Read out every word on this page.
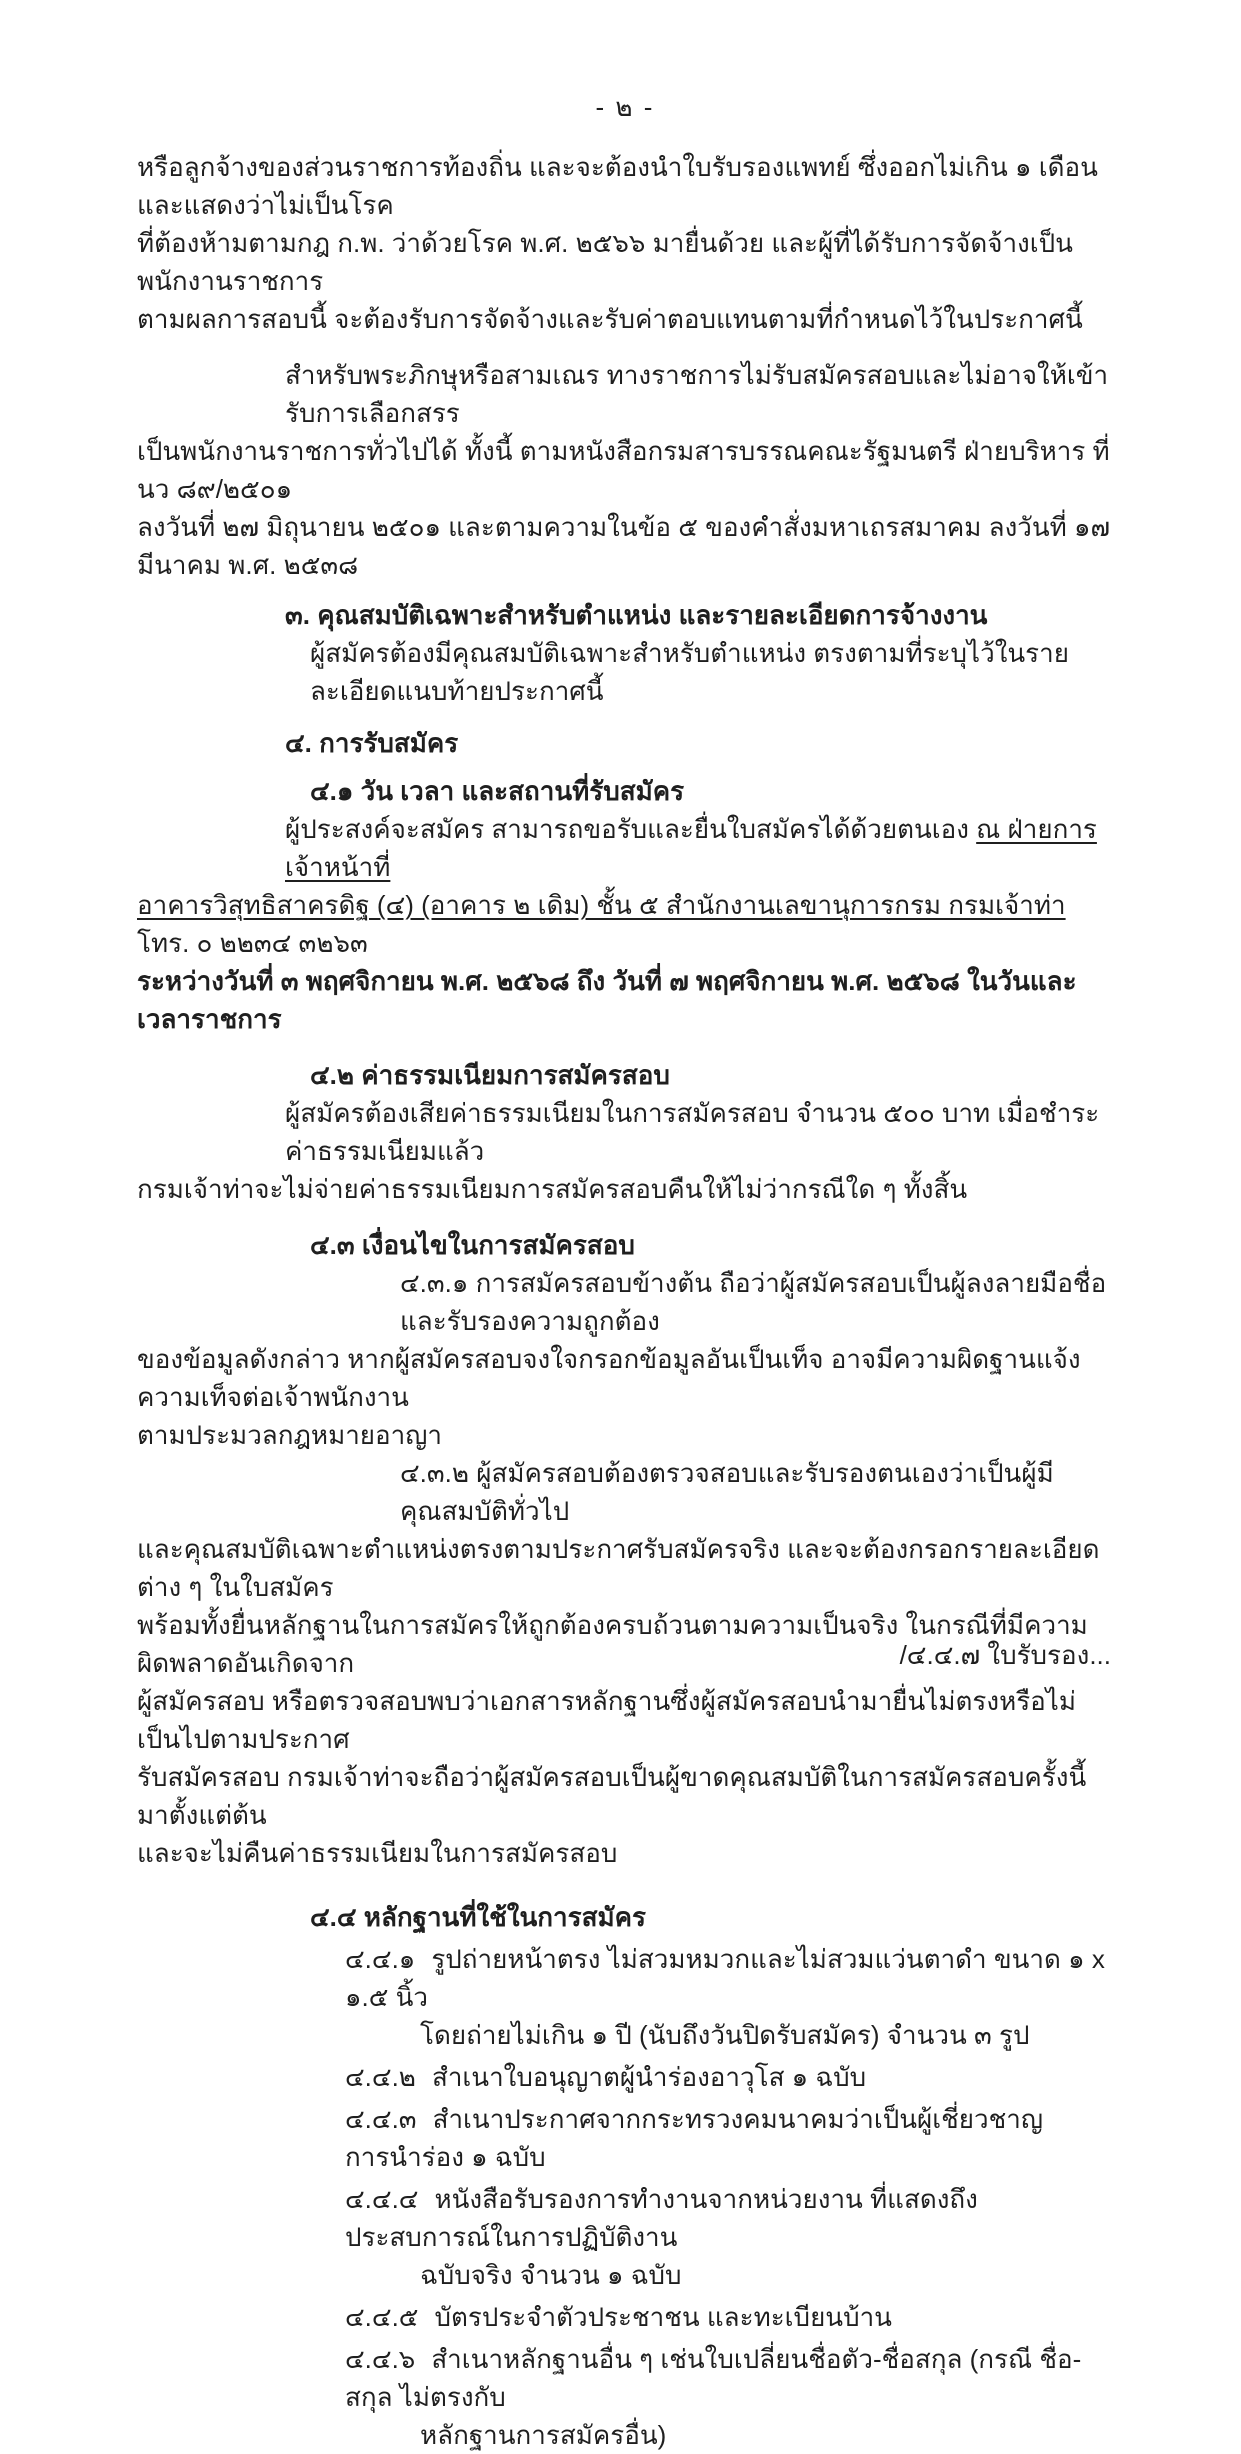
- ๒ -
หรือลูกจ้างของส่วนราชการท้องถิ่น และจะต้องนำใบรับรองแพทย์ ซึ่งออกไม่เกิน ๑ เดือน และแสดงว่าไม่เป็นโรค
ที่ต้องห้ามตามกฎ ก.พ. ว่าด้วยโรค พ.ศ. ๒๕๖๖ มายื่นด้วย และผู้ที่ได้รับการจัดจ้างเป็นพนักงานราชการ
ตามผลการสอบนี้ จะต้องรับการจัดจ้างและรับค่าตอบแทนตามที่กำหนดไว้ในประกาศนี้
สำหรับพระภิกษุหรือสามเณร ทางราชการไม่รับสมัครสอบและไม่อาจให้เข้ารับการเลือกสรร
เป็นพนักงานราชการทั่วไปได้ ทั้งนี้ ตามหนังสือกรมสารบรรณคณะรัฐมนตรี ฝ่ายบริหาร ที่ นว ๘๙/๒๕๐๑
ลงวันที่ ๒๗ มิถุนายน ๒๕๐๑ และตามความในข้อ ๕ ของคำสั่งมหาเถรสมาคม ลงวันที่ ๑๗ มีนาคม พ.ศ. ๒๕๓๘
๓. คุณสมบัติเฉพาะสำหรับตำแหน่ง และรายละเอียดการจ้างงาน
ผู้สมัครต้องมีคุณสมบัติเฉพาะสำหรับตำแหน่ง ตรงตามที่ระบุไว้ในรายละเอียดแนบท้ายประกาศนี้
๔. การรับสมัคร
๔.๑ วัน เวลา และสถานที่รับสมัคร
ผู้ประสงค์จะสมัคร สามารถขอรับและยื่นใบสมัครได้ด้วยตนเอง ณ ฝ่ายการเจ้าหน้าที่
อาคารวิสุทธิสาครดิฐ (๔) (อาคาร ๒ เดิม) ชั้น ๕ สำนักงานเลขานุการกรม กรมเจ้าท่า โทร. ๐ ๒๒๓๔ ๓๒๖๓
ระหว่างวันที่ ๓ พฤศจิกายน พ.ศ. ๒๕๖๘ ถึง วันที่ ๗ พฤศจิกายน พ.ศ. ๒๕๖๘ ในวันและเวลาราชการ
๔.๒ ค่าธรรมเนียมการสมัครสอบ
ผู้สมัครต้องเสียค่าธรรมเนียมในการสมัครสอบ จำนวน ๕๐๐ บาท เมื่อชำระค่าธรรมเนียมแล้ว
กรมเจ้าท่าจะไม่จ่ายค่าธรรมเนียมการสมัครสอบคืนให้ไม่ว่ากรณีใด ๆ ทั้งสิ้น
๔.๓ เงื่อนไขในการสมัครสอบ
๔.๓.๑ การสมัครสอบข้างต้น ถือว่าผู้สมัครสอบเป็นผู้ลงลายมือชื่อและรับรองความถูกต้อง
ของข้อมูลดังกล่าว หากผู้สมัครสอบจงใจกรอกข้อมูลอันเป็นเท็จ อาจมีความผิดฐานแจ้งความเท็จต่อเจ้าพนักงาน
ตามประมวลกฎหมายอาญา
๔.๓.๒ ผู้สมัครสอบต้องตรวจสอบและรับรองตนเองว่าเป็นผู้มีคุณสมบัติทั่วไป
และคุณสมบัติเฉพาะตำแหน่งตรงตามประกาศรับสมัครจริง และจะต้องกรอกรายละเอียดต่าง ๆ ในใบสมัคร
พร้อมทั้งยื่นหลักฐานในการสมัครให้ถูกต้องครบถ้วนตามความเป็นจริง ในกรณีที่มีความผิดพลาดอันเกิดจาก
ผู้สมัครสอบ หรือตรวจสอบพบว่าเอกสารหลักฐานซึ่งผู้สมัครสอบนำมายื่นไม่ตรงหรือไม่เป็นไปตามประกาศ
รับสมัครสอบ กรมเจ้าท่าจะถือว่าผู้สมัครสอบเป็นผู้ขาดคุณสมบัติในการสมัครสอบครั้งนี้มาตั้งแต่ต้น
และจะไม่คืนค่าธรรมเนียมในการสมัครสอบ
๔.๔ หลักฐานที่ใช้ในการสมัคร
๔.๔.๑ รูปถ่ายหน้าตรง ไม่สวมหมวกและไม่สวมแว่นตาดำ ขนาด ๑ x ๑.๕ นิ้ว
โดยถ่ายไม่เกิน ๑ ปี (นับถึงวันปิดรับสมัคร) จำนวน ๓ รูป
๔.๔.๒ สำเนาใบอนุญาตผู้นำร่องอาวุโส ๑ ฉบับ
๔.๔.๓ สำเนาประกาศจากกระทรวงคมนาคมว่าเป็นผู้เชี่ยวชาญการนำร่อง ๑ ฉบับ
๔.๔.๔ หนังสือรับรองการทำงานจากหน่วยงาน ที่แสดงถึงประสบการณ์ในการปฏิบัติงาน
ฉบับจริง จำนวน ๑ ฉบับ
๔.๔.๕ บัตรประจำตัวประชาชน และทะเบียนบ้าน
๔.๔.๖ สำเนาหลักฐานอื่น ๆ เช่นใบเปลี่ยนชื่อตัว-ชื่อสกุล (กรณี ชื่อ-สกุล ไม่ตรงกับ
หลักฐานการสมัครอื่น)
/๔.๔.๗ ใบรับรอง...
